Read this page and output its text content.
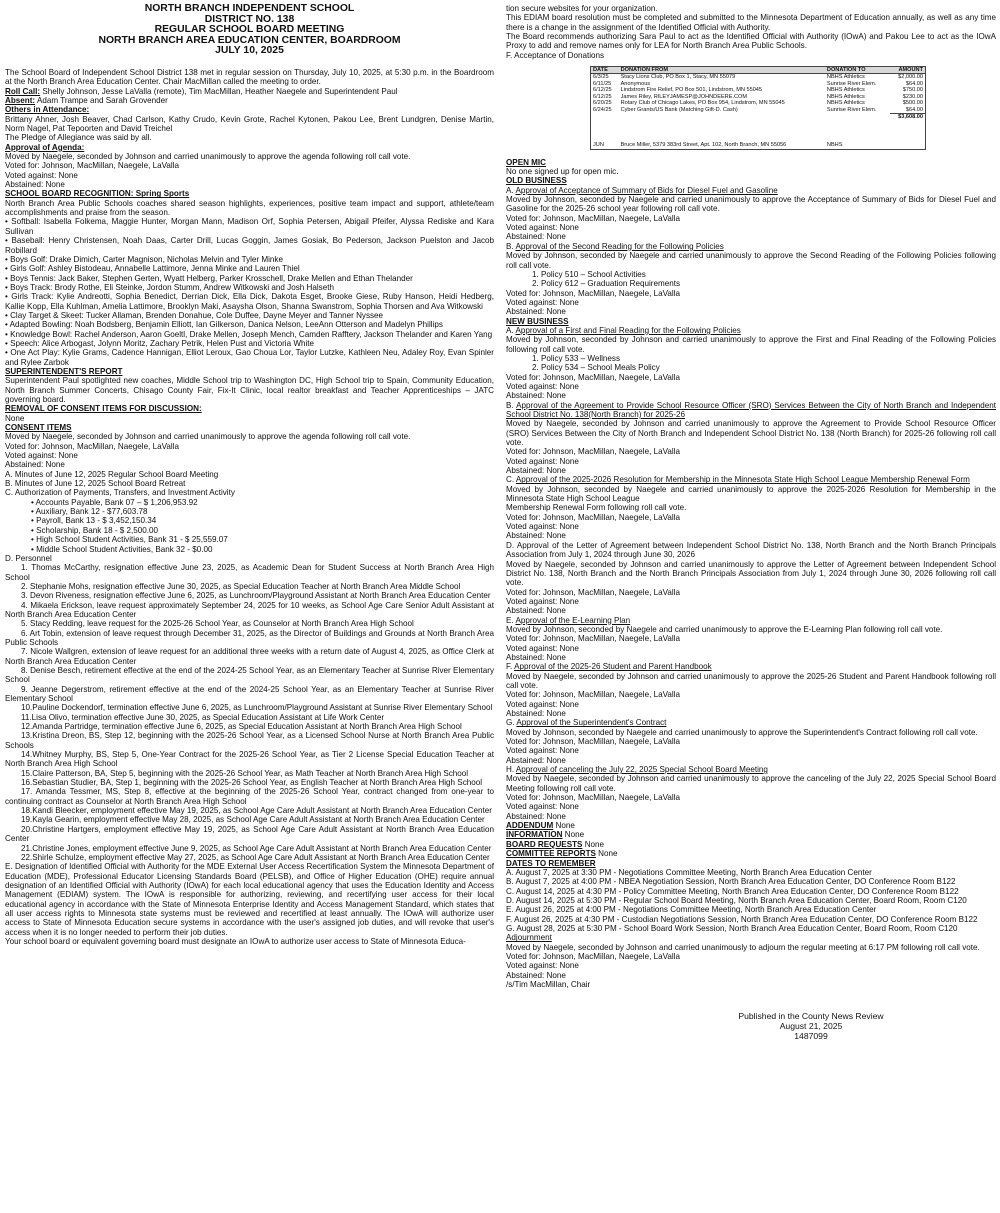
NORTH BRANCH INDEPENDENT SCHOOL
DISTRICT NO. 138
REGULAR SCHOOL BOARD MEETING
NORTH BRANCH AREA EDUCATION CENTER, BOARDROOM
JULY 10, 2025
The School Board of Independent School District 138 met in regular session on Thursday, July 10, 2025, at 5:30 p.m. in the Boardroom at the North Branch Area Education Center. Chair MacMillan called the meeting to order.
Roll Call: Shelly Johnson, Jesse LaValla (remote), Tim MacMillan, Heather Naegele and Superintendent Paul
Absent: Adam Trampe and Sarah Grovender
Others in Attendance:
Brittany Ahner, Josh Beaver, Chad Carlson, Kathy Crudo, Kevin Grote, Rachel Kytonen, Pakou Lee, Brent Lundgren, Denise Martin, Norm Nagel, Pat Tepoorten and David Treichel
The Pledge of Allegiance was said by all.
Approval of Agenda:
Moved by Naegele, seconded by Johnson and carried unanimously to approve the agenda following roll call vote.
Voted for: Johnson, MacMillan, Naegele, LaValla
Voted against: None
Abstained: None
SCHOOL BOARD RECOGNITION: Spring Sports
North Branch Area Public Schools coaches shared season highlights, experiences, positive team impact and support, athlete/team accomplishments and praise from the season.
• Softball: Isabella Folkema, Maggie Hunter, Morgan Mann, Madison Orf, Sophia Petersen, Abigail Pfeifer, Alyssa Rediske and Kara Sullivan
• Baseball: Henry Christensen, Noah Daas, Carter Drill, Lucas Goggin, James Gosiak, Bo Pederson, Jackson Puelston and Jacob Robillard
• Boys Golf: Drake Dimich, Carter Magnison, Nicholas Melvin and Tyler Minke
• Girls Golf: Ashley Bistodeau, Annabelle Lattimore, Jenna Minke and Lauren Thiel
• Boys Tennis: Jack Baker, Stephen Gerten, Wyatt Helberg, Parker Krosschell, Drake Mellen and Ethan Thelander
• Boys Track: Brody Rothe, Eli Steinke, Jordon Stumm, Andrew Witkowski and Josh Halseth
• Girls Track: Kylie Andreotti, Sophia Benedict, Derrian Dick, Ella Dick, Dakota Esget, Brooke Giese, Ruby Hanson, Heidi Hedberg, Kallie Kopp, Ella Kuhlman, Amelia Lattimore, Brooklyn Maki, Asaysha Olson, Shanna Swanstrom, Sophia Thorsen and Ava Witkowski
• Clay Target & Skeet: Tucker Allaman, Brenden Donahue, Cole Duffee, Dayne Meyer and Tanner Nyssee
• Adapted Bowling: Noah Bodsberg, Benjamin Elliott, Ian Gilkerson, Danica Nelson, LeeAnn Otterson and Madelyn Phillips
• Knowledge Bowl: Rachel Anderson, Aaron Goeltl, Drake Mellen, Joseph Mench, Camden Rafftery, Jackson Thelander and Karen Yang
• Speech: Alice Arbogast, Jolynn Moritz, Zachary Petrik, Helen Pust and Victoria White
• One Act Play: Kylie Grams, Cadence Hannigan, Elliot Leroux, Gao Choua Lor, Taylor Lutzke, Kathleen Neu, Adaley Roy, Evan Spinler and Rylee Zarbok
SUPERINTENDENT'S REPORT
Superintendent Paul spotlighted new coaches, Middle School trip to Washington DC, High School trip to Spain, Community Education, North Branch Summer Concerts, Chisago County Fair, Fix-It Clinic, local realtor breakfast and Teacher Apprenticeships – JATC governing board.
REMOVAL OF CONSENT ITEMS FOR DISCUSSION:
None
CONSENT ITEMS
Moved by Naegele, seconded by Johnson and carried unanimously to approve the agenda following roll call vote.
Voted for: Johnson, MacMillan, Naegele, LaValla
Voted against: None
Abstained: None
A. Minutes of June 12, 2025 Regular School Board Meeting
B. Minutes of June 12, 2025 School Board Retreat
C. Authorization of Payments, Transfers, and Investment Activity
• Accounts Payable, Bank 07 – $ 1,206,953.92
• Auxiliary, Bank 12 - $77,603.78
• Payroll, Bank 13 - $ 3,452,150.34
• Scholarship, Bank 18 - $ 2,500.00
• High School Student Activities, Bank 31 - $ 25,559.07
• Middle School Student Activities, Bank 32 - $0.00
D. Personnel
1. Thomas McCarthy, resignation effective June 23, 2025, as Academic Dean for Student Success at North Branch Area High School
2. Stephanie Mohs, resignation effective June 30, 2025, as Special Education Teacher at North Branch Area Middle School
3. Devon Riveness, resignation effective June 6, 2025, as Lunchroom/Playground Assistant at North Branch Area Education Center
4. Mikaela Erickson, leave request approximately September 24, 2025 for 10 weeks, as School Age Care Senior Adult Assistant at North Branch Area Education Center
5. Stacy Redding, leave request for the 2025-26 School Year, as Counselor at North Branch Area High School
6. Art Tobin, extension of leave request through December 31, 2025, as the Director of Buildings and Grounds at North Branch Area Public Schools
7. Nicole Wallgren, extension of leave request for an additional three weeks with a return date of August 4, 2025, as Office Clerk at North Branch Area Education Center
8. Denise Besch, retirement effective at the end of the 2024-25 School Year, as an Elementary Teacher at Sunrise River Elementary School
9. Jeanne Degerstrom, retirement effective at the end of the 2024-25 School Year, as an Elementary Teacher at Sunrise River Elementary School
10.Pauline Dockendorf, termination effective June 6, 2025, as Lunchroom/Playground Assistant at Sunrise River Elementary School
11.Lisa Olivo, termination effective June 30, 2025, as Special Education Assistant at Life Work Center
12.Amanda Partridge, termination effective June 6, 2025, as Special Education Assistant at North Branch Area High School
13.Kristina Dreon, BS, Step 12, beginning with the 2025-26 School Year, as a Licensed School Nurse at North Branch Area Public Schools
14.Whitney Murphy, BS, Step 5, One-Year Contract for the 2025-26 School Year, as Tier 2 License Special Education Teacher at North Branch Area High School
15.Claire Patterson, BA, Step 5, beginning with the 2025-26 School Year, as Math Teacher at North Branch Area High School
16.Sebastian Studier, BA, Step 1, beginning with the 2025-26 School Year, as English Teacher at North Branch Area High School
17. Amanda Tessmer, MS, Step 8, effective at the beginning of the 2025-26 School Year, contract changed from one-year to continuing contract as Counselor at North Branch Area High School
18.Kandi Bleecker, employment effective May 19, 2025, as School Age Care Adult Assistant at North Branch Area Education Center
19.Kayla Gearin, employment effective May 28, 2025, as School Age Care Adult Assistant at North Branch Area Education Center
20.Christine Hartgers, employment effective May 19, 2025, as School Age Care Adult Assistant at North Branch Area Education Center
21.Christine Jones, employment effective June 9, 2025, as School Age Care Adult Assistant at North Branch Area Education Center
22.Shirle Schulze, employment effective May 27, 2025, as School Age Care Adult Assistant at North Branch Area Education Center
E. Designation of Identified Official with Authority for the MDE External User Access Recertification System the Minnesota Department of Education (MDE), Professional Educator Licensing Standards Board (PELSB), and Office of Higher Education (OHE) require annual designation of an Identified Official with Authority (IOwA) for each local educational agency that uses the Education Identity and Access Management (EDIAM) system. The IOwA is responsible for authorizing, reviewing, and recertifying user access for their local educational agency in accordance with the State of Minnesota Enterprise Identity and Access Management Standard, which states that all user access rights to Minnesota state systems must be reviewed and recertified at least annually. The IOwA will authorize user access to State of Minnesota Education secure systems in accordance with the user's assigned job duties, and will revoke that user's access when it is no longer needed to perform their job duties.
Your school board or equivalent governing board must designate an IOwA to authorize user access to State of Minnesota Educa-
tion secure websites for your organization.
This EDIAM board resolution must be completed and submitted to the Minnesota Department of Education annually, as well as any time there is a change in the assignment of the Identified Official with Authority.
The Board recommends authorizing Sara Paul to act as the Identified Official with Authority (IOwA) and Pakou Lee to act as the IOwA Proxy to add and remove names only for LEA for North Branch Area Public Schools.
F. Acceptance of Donations
DATE	DONATION FROM	DONATION TO	AMOUNT
6/3/25	Stacy Lions Club, PO Box 1, Stacy, MN 55079	NBHS Athletics	$2,000.00
6/11/25	Anonymous	Sunrise River Elem.	$64.00
6/12/25	Lindstrom Fire Relief, PO Box 501, Lindstrom, MN 55045	NBHS Athletics	$750.00
6/12/25	James Riley, RILEYJAMESP@JOHNDEERE.COM	NBHS Athletics	$230.00
6/20/25	Rotary Club of Chicago Lakes, PO Box 954, Lindstrom, MN 55045	NBHS Athletics	$500.00
6/24/25	Cyber Grants/US Bank (Matching Gift-D. Cash)	Sunrise River Elem.	$64.00
			$3,608.00

JUN	Bruce Miller, 5379 383rd Street, Apt. 102, North Branch, MN 55056	NBHS	
OPEN MIC
No one signed up for open mic.
OLD BUSINESS
A. Approval of Acceptance of Summary of Bids for Diesel Fuel and Gasoline
Moved by Johnson, seconded by Naegele and carried unanimously to approve the Acceptance of Summary of Bids for Diesel Fuel and Gasoline for the 2025-26 school year following roll call vote.
Voted for: Johnson, MacMillan, Naegele, LaValla
Voted against: None
Abstained: None
B. Approval of the Second Reading for the Following Policies
Moved by Johnson, seconded by Naegele and carried unanimously to approve the Second Reading of the Following Policies following roll call vote.
1. Policy 510 – School Activities
2. Policy 612 – Graduation Requirements
Voted for: Johnson, MacMillan, Naegele, LaValla
Voted against: None
Abstained: None
NEW BUSINESS
A. Approval of a First and Final Reading for the Following Policies
Moved by Johnson, seconded by Johnson and carried unanimously to approve the First and Final Reading of the Following Policies following roll call vote.
1. Policy 533 – Wellness
2. Policy 534 – School Meals Policy
Voted for: Johnson, MacMillan, Naegele, LaValla
Voted against: None
Abstained: None
B. Approval of the Agreement to Provide School Resource Officer (SRO) Services Between the City of North Branch and Independent School District No. 138(North Branch) for 2025-26
Moved by Naegele, seconded by Johnson and carried unanimously to approve the Agreement to Provide School Resource Officer (SRO) Services Between the City of North Branch and Independent School District No. 138 (North Branch) for 2025-26 following roll call vote.
Voted for: Johnson, MacMillan, Naegele, LaValla
Voted against: None
Abstained: None
C. Approval of the 2025-2026 Resolution for Membership in the Minnesota State High School League Membership Renewal Form
Moved by Johnson, seconded by Naegele and carried unanimously to approve the 2025-2026 Resolution for Membership in the Minnesota State High School League
Membership Renewal Form following roll call vote.
Voted for: Johnson, MacMillan, Naegele, LaValla
Voted against: None
Abstained: None
D. Approval of the Letter of Agreement between Independent School District No. 138, North Branch and the North Branch Principals Association from July 1, 2024 through June 30, 2026
Moved by Naegele, seconded by Johnson and carried unanimously to approve the Letter of Agreement between Independent School District No. 138, North Branch and the North Branch Principals Association from July 1, 2024 through June 30, 2026 following roll call vote.
Voted for: Johnson, MacMillan, Naegele, LaValla
Voted against: None
Abstained: None
E. Approval of the E-Learning Plan
Moved by Johnson, seconded by Naegele and carried unanimously to approve the E-Learning Plan following roll call vote.
Voted for: Johnson, MacMillan, Naegele, LaValla
Voted against: None
Abstained: None
F. Approval of the 2025-26 Student and Parent Handbook
Moved by Naegele, seconded by Johnson and carried unanimously to approve the 2025-26 Student and Parent Handbook following roll call vote.
Voted for: Johnson, MacMillan, Naegele, LaValla
Voted against: None
Abstained: None
G. Approval of the Superintendent's Contract
Moved by Johnson, seconded by Naegele and carried unanimously to approve the Superintendent's Contract following roll call vote.
Voted for: Johnson, MacMillan, Naegele, LaValla
Voted against: None
Abstained: None
H. Approval of canceling the July 22, 2025 Special School Board Meeting
Moved by Naegele, seconded by Johnson and carried unanimously to approve the canceling of the July 22, 2025 Special School Board Meeting following roll call vote.
Voted for: Johnson, MacMillan, Naegele, LaValla
Voted against: None
Abstained: None
ADDENDUM None
INFORMATION None
BOARD REQUESTS None
COMMITTEE REPORTS None
DATES TO REMEMBER
A. August 7, 2025 at 3:30 PM - Negotiations Committee Meeting, North Branch Area Education Center
B. August 7, 2025 at 4:00 PM - NBEA Negotiation Session, North Branch Area Education Center, DO Conference Room B122
C. August 14, 2025 at 4:30 PM - Policy Committee Meeting, North Branch Area Education Center, DO Conference Room B122
D. August 14, 2025 at 5:30 PM - Regular School Board Meeting, North Branch Area Education Center, Board Room, Room C120
E. August 26, 2025 at 4:00 PM - Negotiations Committee Meeting, North Branch Area Education Center
F. August 26, 2025 at 4:30 PM - Custodian Negotiations Session, North Branch Area Education Center, DO Conference Room B122
G. August 28, 2025 at 5:30 PM - School Board Work Session, North Branch Area Education Center, Board Room, Room C120
Adjournment
Moved by Naegele, seconded by Johnson and carried unanimously to adjourn the regular meeting at 6:17 PM following roll call vote.
Voted for: Johnson, MacMillan, Naegele, LaValla
Voted against: None
Abstained: None
/s/Tim MacMillan, Chair
Published in the County News Review
August 21, 2025
1487099
